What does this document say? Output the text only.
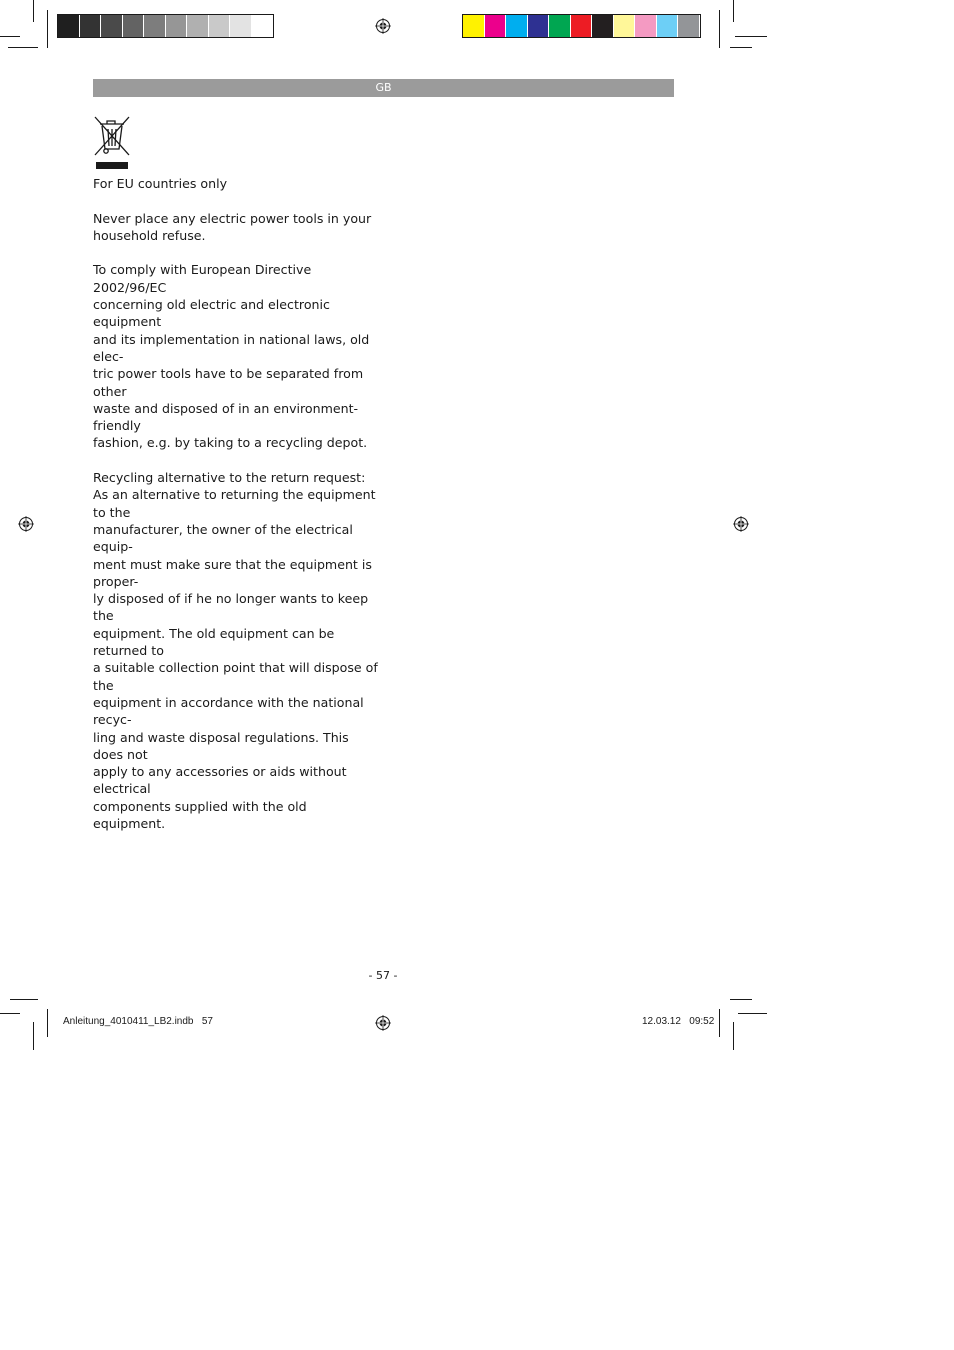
GB

For EU countries only

Never place any electric power tools in your
household refuse.

To comply with European Directive 2002/96/EC
concerning old electric and electronic equipment
and its implementation in national laws, old elec-
tric power tools have to be separated from other
waste and disposed of in an environment-friendly
fashion, e.g. by taking to a recycling depot.

Recycling alternative to the return request:
As an alternative to returning the equipment to the
manufacturer, the owner of the electrical equip-
ment must make sure that the equipment is proper-
ly disposed of if he no longer wants to keep the
equipment. The old equipment can be returned to
a suitable collection point that will dispose of the
equipment in accordance with the national recyc-
ling and waste disposal regulations. This does not
apply to any accessories or aids without electrical
components supplied with the old equipment.

- 57 -
Anleitung_4010411_LB2.indb   57	12.03.12   09:52
